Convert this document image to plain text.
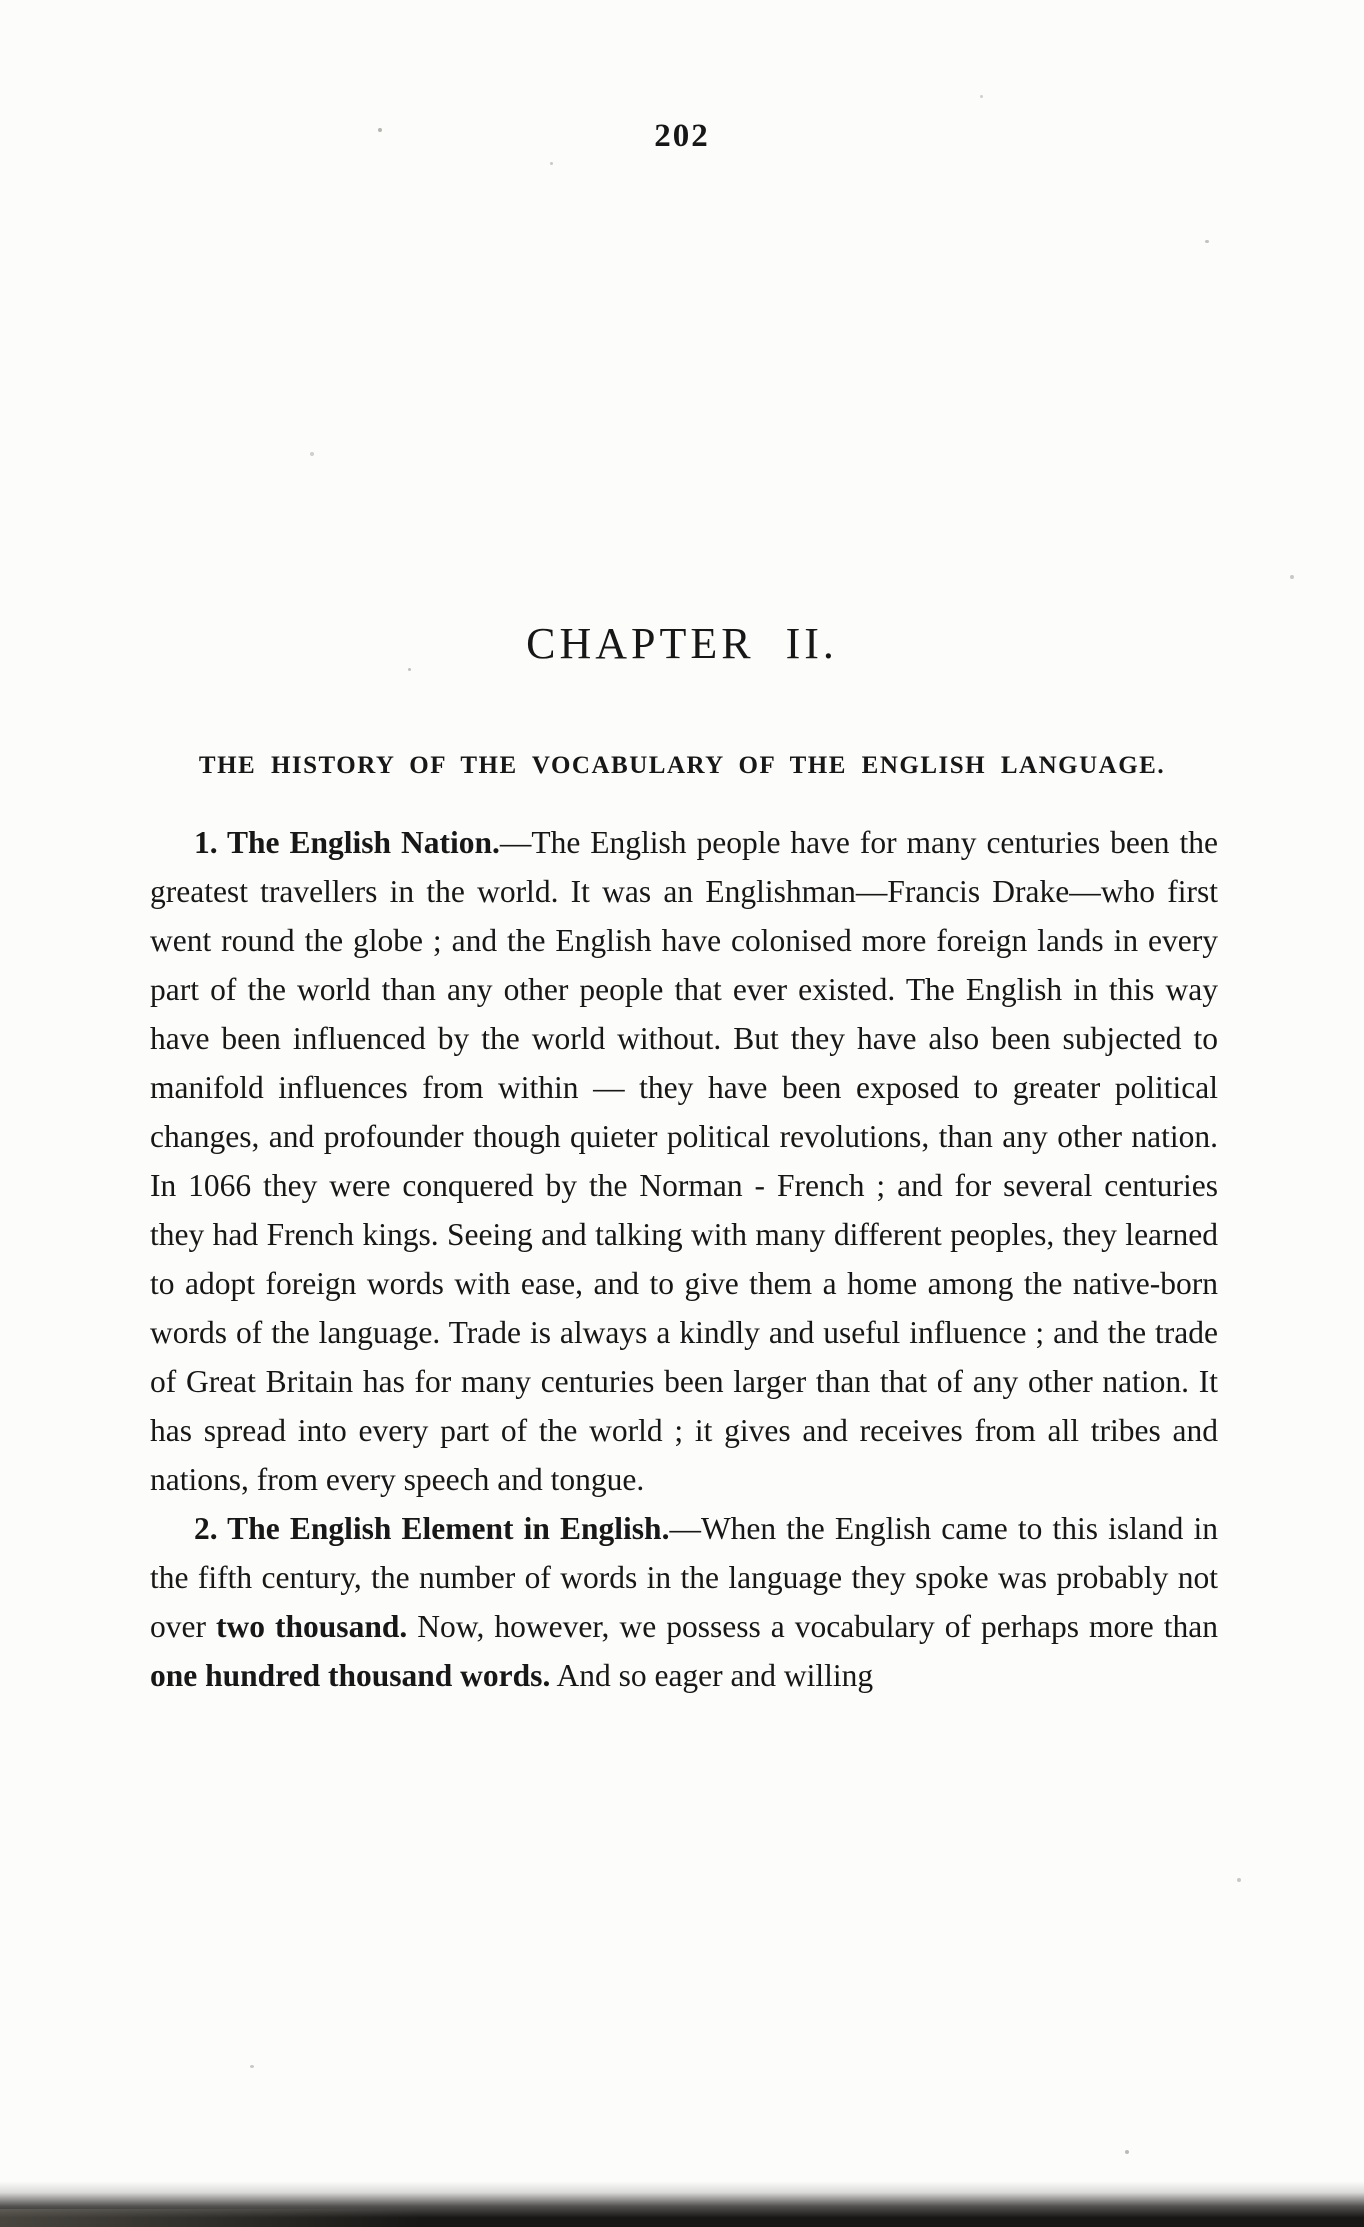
202
CHAPTER II.
THE HISTORY OF THE VOCABULARY OF THE ENGLISH LANGUAGE.

1. The English Nation.—The English people have for many centuries been the greatest travellers in the world. It was an Englishman—Francis Drake—who first went round the globe ; and the English have colonised more foreign lands in every part of the world than any other people that ever existed. The English in this way have been influenced by the world without. But they have also been subjected to manifold influences from within — they have been exposed to greater political changes, and profounder though quieter political revolutions, than any other nation. In 1066 they were conquered by the Norman - French ; and for several centuries they had French kings. Seeing and talking with many different peoples, they learned to adopt foreign words with ease, and to give them a home among the native-born words of the language. Trade is always a kindly and useful influence ; and the trade of Great Britain has for many centuries been larger than that of any other nation. It has spread into every part of the world ; it gives and receives from all tribes and nations, from every speech and tongue.

2. The English Element in English.—When the English came to this island in the fifth century, the number of words in the language they spoke was probably not over two thousand. Now, however, we possess a vocabulary of perhaps more than one hundred thousand words. And so eager and willing
